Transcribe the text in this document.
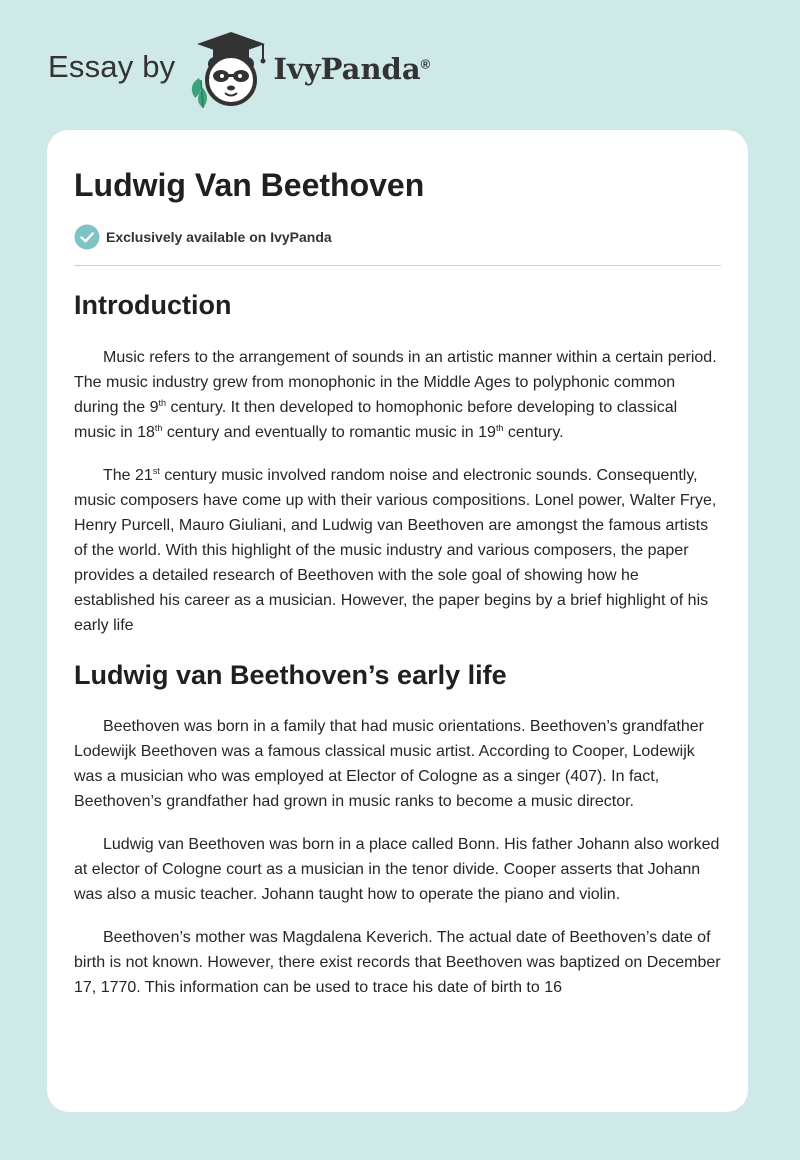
Essay by	IvyPanda®
Ludwig Van Beethoven
Exclusively available on IvyPanda
Introduction

Music refers to the arrangement of sounds in an artistic manner within a certain period. The music industry grew from monophonic in the Middle Ages to polyphonic common during the 9th century. It then developed to homophonic before developing to classical music in 18th century and eventually to romantic music in 19th century.

The 21st century music involved random noise and electronic sounds. Consequently, music composers have come up with their various compositions. Lonel power, Walter Frye, Henry Purcell, Mauro Giuliani, and Ludwig van Beethoven are amongst the famous artists of the world. With this highlight of the music industry and various composers, the paper provides a detailed research of Beethoven with the sole goal of showing how he established his career as a musician. However, the paper begins by a brief highlight of his early life

Ludwig van Beethoven’s early life

Beethoven was born in a family that had music orientations. Beethoven’s grandfather Lodewijk Beethoven was a famous classical music artist. According to Cooper, Lodewijk was a musician who was employed at Elector of Cologne as a singer (407). In fact, Beethoven’s grandfather had grown in music ranks to become a music director.

Ludwig van Beethoven was born in a place called Bonn. His father Johann also worked at elector of Cologne court as a musician in the tenor divide. Cooper asserts that Johann was also a music teacher. Johann taught how to operate the piano and violin.

Beethoven’s mother was Magdalena Keverich. The actual date of Beethoven’s date of birth is not known. However, there exist records that Beethoven was baptized on December 17, 1770. This information can be used to trace his date of birth to 16
